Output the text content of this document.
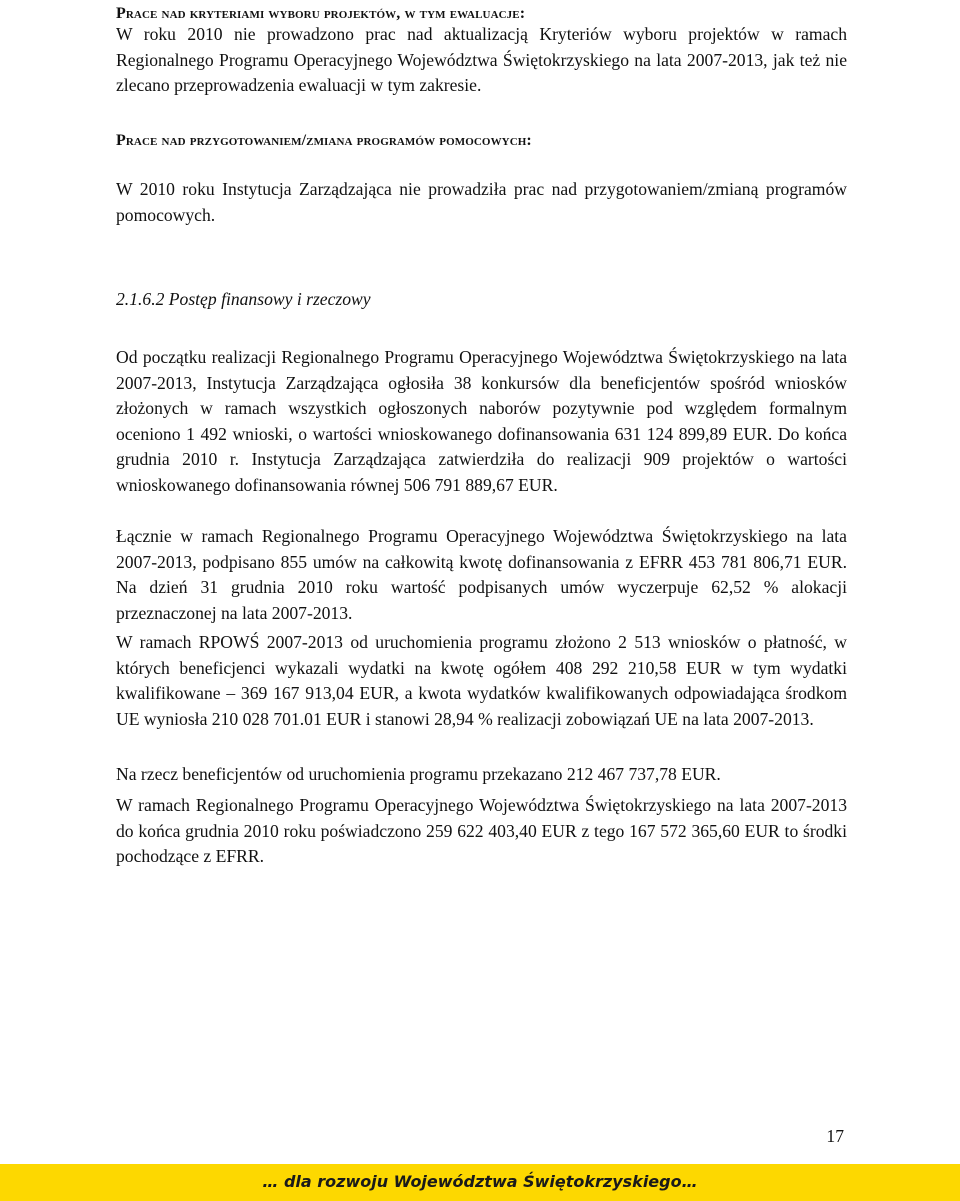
Prace nad kryteriami wyboru projektów, w tym ewaluacje:

W roku 2010 nie prowadzono prac nad aktualizacją Kryteriów wyboru projektów w ramach Regionalnego Programu Operacyjnego Województwa Świętokrzyskiego na lata 2007-2013, jak też nie zlecano przeprowadzenia ewaluacji w tym zakresie.

Prace nad przygotowaniem/zmiana programów pomocowych:

W 2010 roku Instytucja Zarządzająca nie prowadziła prac nad przygotowaniem/zmianą programów pomocowych.

2.1.6.2 Postęp finansowy i rzeczowy

Od początku realizacji Regionalnego Programu Operacyjnego Województwa Świętokrzyskiego na lata 2007-2013, Instytucja Zarządzająca ogłosiła 38 konkursów dla beneficjentów spośród wniosków złożonych w ramach wszystkich ogłoszonych naborów pozytywnie pod względem formalnym oceniono 1 492 wnioski, o wartości wnioskowanego dofinansowania 631 124 899,89 EUR. Do końca grudnia 2010 r. Instytucja Zarządzająca zatwierdziła do realizacji 909 projektów o wartości wnioskowanego dofinansowania równej 506 791 889,67 EUR.

Łącznie w ramach Regionalnego Programu Operacyjnego Województwa Świętokrzyskiego na lata 2007-2013, podpisano 855 umów na całkowitą kwotę dofinansowania z EFRR 453 781 806,71 EUR. Na dzień 31 grudnia 2010 roku wartość podpisanych umów wyczerpuje 62,52 % alokacji przeznaczonej na lata 2007-2013.

W ramach RPOWŚ 2007-2013 od uruchomienia programu złożono 2 513 wniosków o płatność, w których beneficjenci wykazali wydatki na kwotę ogółem 408 292 210,58 EUR w tym wydatki kwalifikowane – 369 167 913,04 EUR, a kwota wydatków kwalifikowanych odpowiadająca środkom UE wyniosła 210 028 701.01 EUR i stanowi 28,94 % realizacji zobowiązań UE na lata 2007-2013.

Na rzecz beneficjentów od uruchomienia programu przekazano 212 467 737,78 EUR.

W ramach Regionalnego Programu Operacyjnego Województwa Świętokrzyskiego na lata 2007-2013 do końca grudnia 2010 roku poświadczono 259 622 403,40 EUR z tego 167 572 365,60 EUR to środki pochodzące z EFRR.

17
… dla rozwoju Województwa Świętokrzyskiego…
